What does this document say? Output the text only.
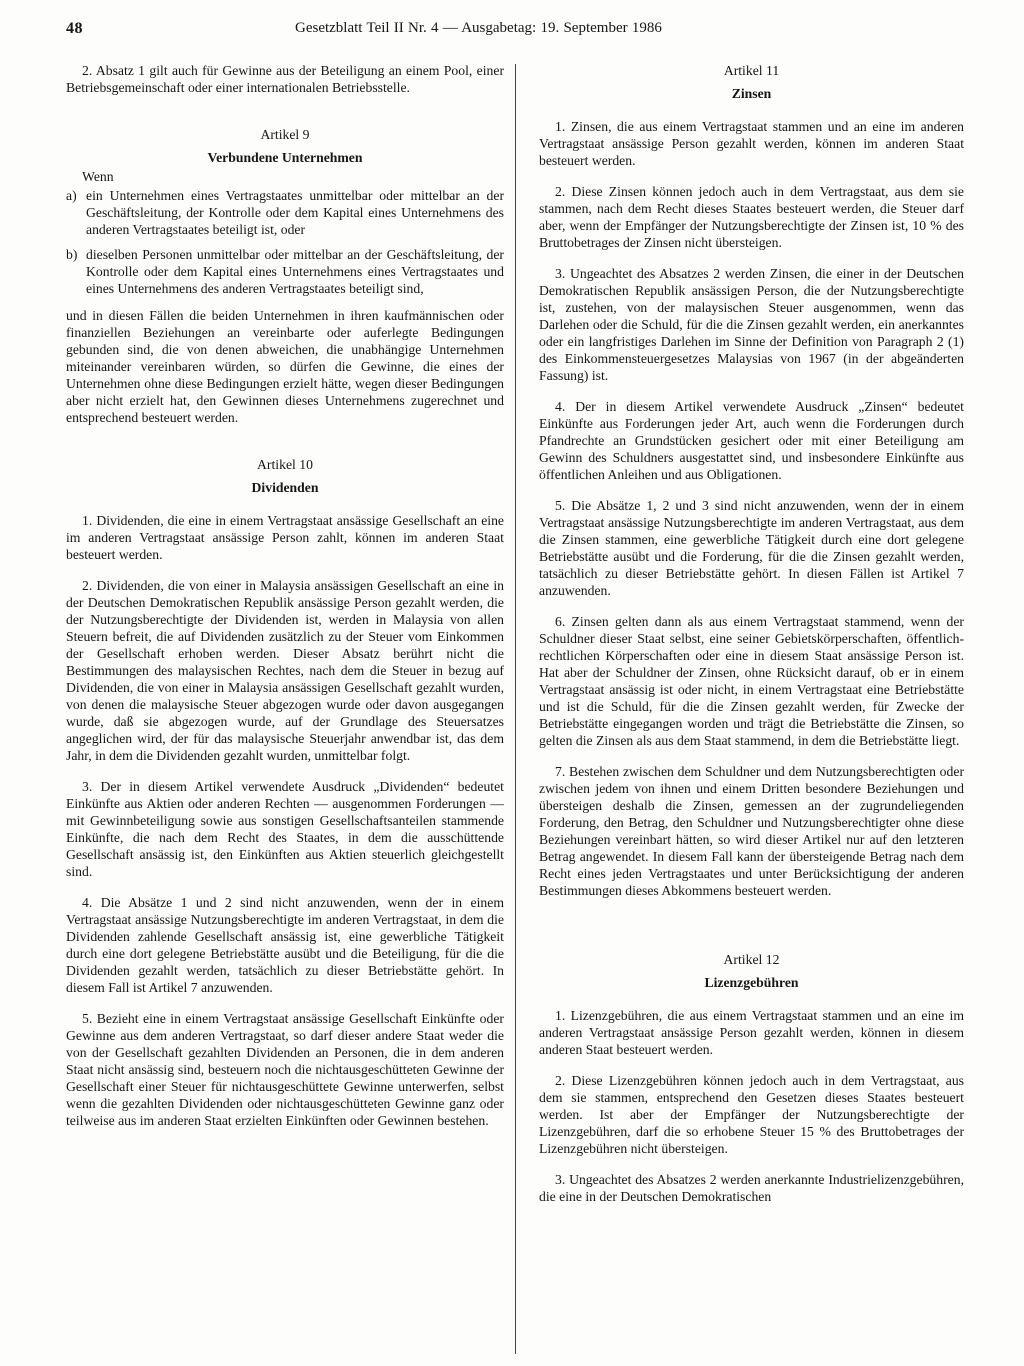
48	Gesetzblatt Teil II Nr. 4 — Ausgabetag: 19. September 1986

2. Absatz 1 gilt auch für Gewinne aus der Beteiligung an einem Pool, einer Betriebsgemeinschaft oder einer internationalen Betriebsstelle.

Artikel 9
Verbundene Unternehmen
Wenn
a) ein Unternehmen eines Vertragstaates unmittelbar oder mittelbar an der Geschäftsleitung, der Kontrolle oder dem Kapital eines Unternehmens des anderen Vertragstaates beteiligt ist, oder
b) dieselben Personen unmittelbar oder mittelbar an der Geschäftsleitung, der Kontrolle oder dem Kapital eines Unternehmens eines Vertragstaates und eines Unternehmens des anderen Vertragstaates beteiligt sind,

und in diesen Fällen die beiden Unternehmen in ihren kaufmännischen oder finanziellen Beziehungen an vereinbarte oder auferlegte Bedingungen gebunden sind, die von denen abweichen, die unabhängige Unternehmen miteinander vereinbaren würden, so dürfen die Gewinne, die eines der Unternehmen ohne diese Bedingungen erzielt hätte, wegen dieser Bedingungen aber nicht erzielt hat, den Gewinnen dieses Unternehmens zugerechnet und entsprechend besteuert werden.

Artikel 10
Dividenden

1. Dividenden, die eine in einem Vertragstaat ansässige Gesellschaft an eine im anderen Vertragstaat ansässige Person zahlt, können im anderen Staat besteuert werden.

2. Dividenden, die von einer in Malaysia ansässigen Gesellschaft an eine in der Deutschen Demokratischen Republik ansässige Person gezahlt werden, die der Nutzungsberechtigte der Dividenden ist, werden in Malaysia von allen Steuern befreit, die auf Dividenden zusätzlich zu der Steuer vom Einkommen der Gesellschaft erhoben werden. Dieser Absatz berührt nicht die Bestimmungen des malaysischen Rechtes, nach dem die Steuer in bezug auf Dividenden, die von einer in Malaysia ansässigen Gesellschaft gezahlt wurden, von denen die malaysische Steuer abgezogen wurde oder davon ausgegangen wurde, daß sie abgezogen wurde, auf der Grundlage des Steuersatzes angeglichen wird, der für das malaysische Steuerjahr anwendbar ist, das dem Jahr, in dem die Dividenden gezahlt wurden, unmittelbar folgt.

3. Der in diesem Artikel verwendete Ausdruck „Dividenden“ bedeutet Einkünfte aus Aktien oder anderen Rechten — ausgenommen Forderungen — mit Gewinnbeteiligung sowie aus sonstigen Gesellschaftsanteilen stammende Einkünfte, die nach dem Recht des Staates, in dem die ausschüttende Gesellschaft ansässig ist, den Einkünften aus Aktien steuerlich gleichgestellt sind.

4. Die Absätze 1 und 2 sind nicht anzuwenden, wenn der in einem Vertragstaat ansässige Nutzungsberechtigte im anderen Vertragstaat, in dem die Dividenden zahlende Gesellschaft ansässig ist, eine gewerbliche Tätigkeit durch eine dort gelegene Betriebstätte ausübt und die Beteiligung, für die die Dividenden gezahlt werden, tatsächlich zu dieser Betriebstätte gehört. In diesem Fall ist Artikel 7 anzuwenden.

5. Bezieht eine in einem Vertragstaat ansässige Gesellschaft Einkünfte oder Gewinne aus dem anderen Vertragstaat, so darf dieser andere Staat weder die von der Gesellschaft gezahlten Dividenden an Personen, die in dem anderen Staat nicht ansässig sind, besteuern noch die nichtausgeschütteten Gewinne der Gesellschaft einer Steuer für nichtausgeschüttete Gewinne unterwerfen, selbst wenn die gezahlten Dividenden oder nichtausgeschütteten Gewinne ganz oder teilweise aus im anderen Staat erzielten Einkünften oder Gewinnen bestehen.

Artikel 11
Zinsen

1. Zinsen, die aus einem Vertragstaat stammen und an eine im anderen Vertragstaat ansässige Person gezahlt werden, können im anderen Staat besteuert werden.

2. Diese Zinsen können jedoch auch in dem Vertragstaat, aus dem sie stammen, nach dem Recht dieses Staates besteuert werden, die Steuer darf aber, wenn der Empfänger der Nutzungsberechtigte der Zinsen ist, 10 % des Bruttobetrages der Zinsen nicht übersteigen.

3. Ungeachtet des Absatzes 2 werden Zinsen, die einer in der Deutschen Demokratischen Republik ansässigen Person, die der Nutzungsberechtigte ist, zustehen, von der malaysischen Steuer ausgenommen, wenn das Darlehen oder die Schuld, für die die Zinsen gezahlt werden, ein anerkanntes oder ein langfristiges Darlehen im Sinne der Definition von Paragraph 2 (1) des Einkommensteuergesetzes Malaysias von 1967 (in der abgeänderten Fassung) ist.

4. Der in diesem Artikel verwendete Ausdruck „Zinsen“ bedeutet Einkünfte aus Forderungen jeder Art, auch wenn die Forderungen durch Pfandrechte an Grundstücken gesichert oder mit einer Beteiligung am Gewinn des Schuldners ausgestattet sind, und insbesondere Einkünfte aus öffentlichen Anleihen und aus Obligationen.

5. Die Absätze 1, 2 und 3 sind nicht anzuwenden, wenn der in einem Vertragstaat ansässige Nutzungsberechtigte im anderen Vertragstaat, aus dem die Zinsen stammen, eine gewerbliche Tätigkeit durch eine dort gelegene Betriebstätte ausübt und die Forderung, für die die Zinsen gezahlt werden, tatsächlich zu dieser Betriebstätte gehört. In diesen Fällen ist Artikel 7 anzuwenden.

6. Zinsen gelten dann als aus einem Vertragstaat stammend, wenn der Schuldner dieser Staat selbst, eine seiner Gebietskörperschaften, öffentlich-rechtlichen Körperschaften oder eine in diesem Staat ansässige Person ist. Hat aber der Schuldner der Zinsen, ohne Rücksicht darauf, ob er in einem Vertragstaat ansässig ist oder nicht, in einem Vertragstaat eine Betriebstätte und ist die Schuld, für die die Zinsen gezahlt werden, für Zwecke der Betriebstätte eingegangen worden und trägt die Betriebstätte die Zinsen, so gelten die Zinsen als aus dem Staat stammend, in dem die Betriebstätte liegt.

7. Bestehen zwischen dem Schuldner und dem Nutzungsberechtigten oder zwischen jedem von ihnen und einem Dritten besondere Beziehungen und übersteigen deshalb die Zinsen, gemessen an der zugrundeliegenden Forderung, den Betrag, den Schuldner und Nutzungsberechtigter ohne diese Beziehungen vereinbart hätten, so wird dieser Artikel nur auf den letzteren Betrag angewendet. In diesem Fall kann der übersteigende Betrag nach dem Recht eines jeden Vertragstaates und unter Berücksichtigung der anderen Bestimmungen dieses Abkommens besteuert werden.

Artikel 12
Lizenzgebühren

1. Lizenzgebühren, die aus einem Vertragstaat stammen und an eine im anderen Vertragstaat ansässige Person gezahlt werden, können in diesem anderen Staat besteuert werden.

2. Diese Lizenzgebühren können jedoch auch in dem Vertragstaat, aus dem sie stammen, entsprechend den Gesetzen dieses Staates besteuert werden. Ist aber der Empfänger der Nutzungsberechtigte der Lizenzgebühren, darf die so erhobene Steuer 15 % des Bruttobetrages der Lizenzgebühren nicht übersteigen.

3. Ungeachtet des Absatzes 2 werden anerkannte Industrielizenzgebühren, die eine in der Deutschen Demokratischen
